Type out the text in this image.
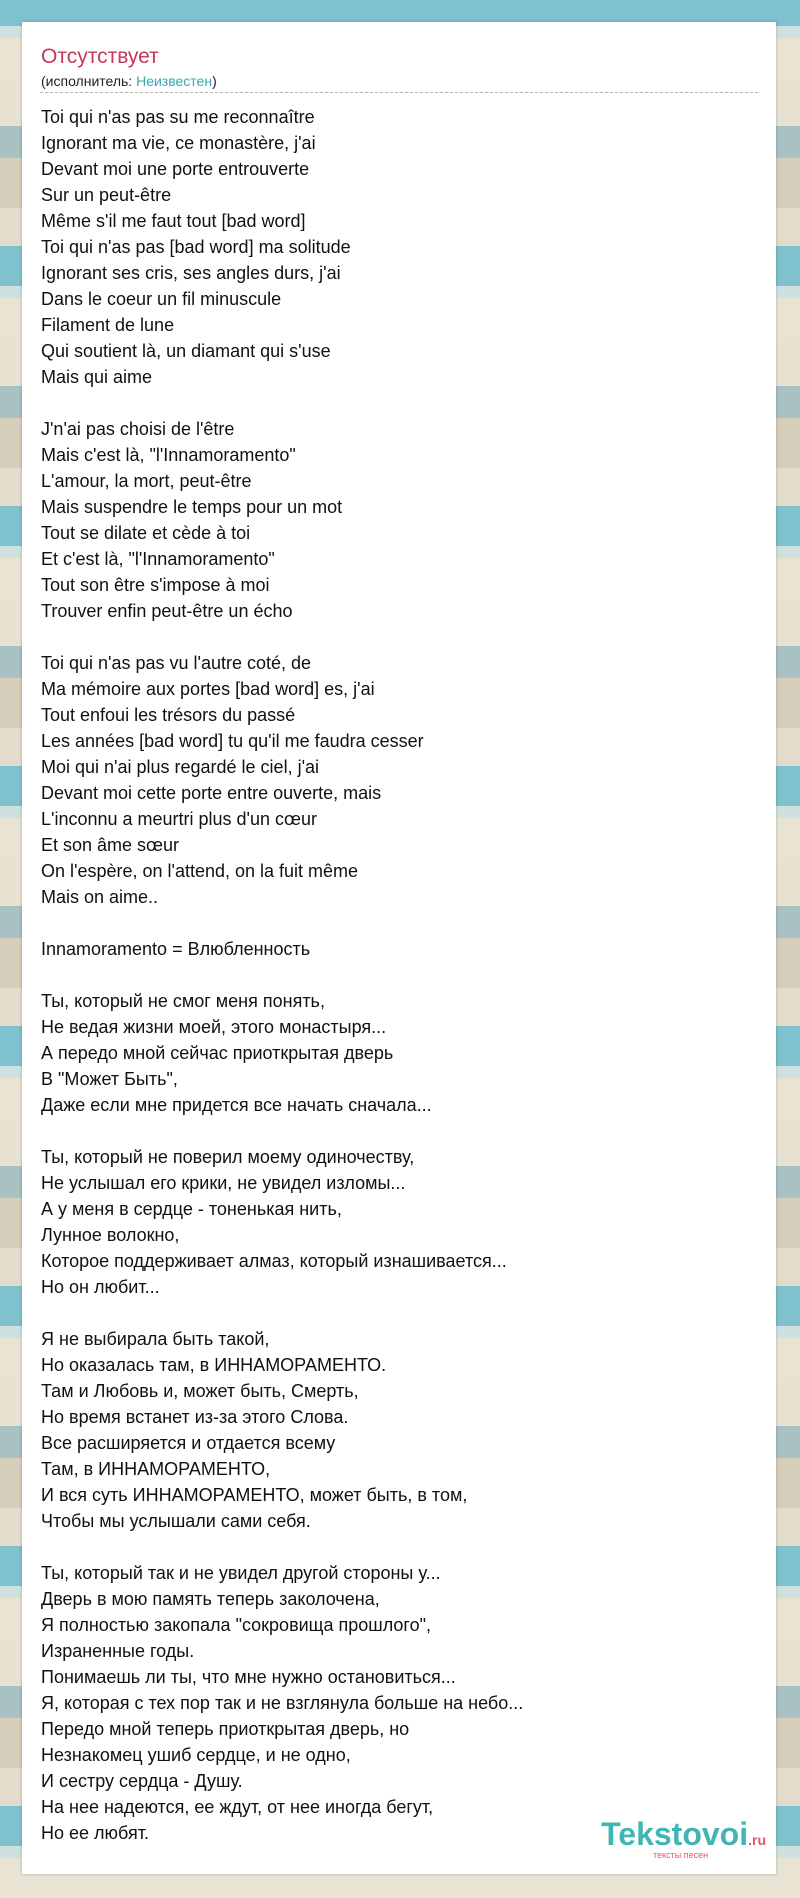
Отсутствует
(исполнитель: Неизвестен)
Toi qui n'as pas su me reconnaître
Ignorant ma vie, ce monastère, j'ai
Devant moi une porte entrouverte
Sur un peut-être
Même s'il me faut tout [bad word]
Toi qui n'as pas [bad word] ma solitude
Ignorant ses cris, ses angles durs, j'ai
Dans le coeur un fil minuscule
Filament de lune
Qui soutient là, un diamant qui s'use
Mais qui aime
J'n'ai pas choisi de l'être
Mais c'est là, "l'Innamoramento"
L'amour, la mort, peut-être
Mais suspendre le temps pour un mot
Tout se dilate et cède à toi
Et c'est là, "l'Innamoramento"
Tout son être s'impose à moi
Trouver enfin peut-être un écho
Toi qui n'as pas vu l'autre coté, de
Ma mémoire aux portes [bad word] es, j'ai
Tout enfoui les trésors du passé
Les années [bad word] tu qu'il me faudra cesser
Moi qui n'ai plus regardé le ciel, j'ai
Devant moi cette porte entre ouverte, mais
L'inconnu a meurtri plus d'un cœur
Et son âme sœur
On l'espère, on l'attend, on la fuit même
Mais on aime..
Innamoramento = Влюбленность
Ты, который не смог меня понять,
Не ведая жизни моей, этого монастыря...
А передо мной сейчас приоткрытая дверь
В "Может Быть",
Даже если мне придется все начать сначала...
Ты, который не поверил моему одиночеству,
Не услышал его крики, не увидел изломы...
А у меня в сердце - тоненькая нить,
Лунное волокно,
Которое поддерживает алмаз, который изнашивается...
Но он любит...
Я не выбирала быть такой,
Но оказалась там, в ИННАМОРАМЕНТО.
Там и Любовь и, может быть, Смерть,
Но время встанет из-за этого Слова.
Все расширяется и отдается всему
Там, в ИННАМОРАМЕНТО,
И вся суть ИННАМОРАМЕНТО, может быть, в том,
Чтобы мы услышали сами себя.
Ты, который так и не увидел другой стороны у...
Дверь в мою память теперь заколочена,
Я полностью закопала "сокровища прошлого",
Израненные годы.
Понимаешь ли ты, что мне нужно остановиться...
Я, которая с тех пор так и не взглянула больше на небо...
Передо мной теперь приоткрытая дверь, но
Незнакомец ушиб сердце, и не одно,
И сестру сердца - Душу.
На нее надеются, ее ждут, от нее иногда бегут,
Но ее любят.	Tekstovoi.ru
тексты песен
